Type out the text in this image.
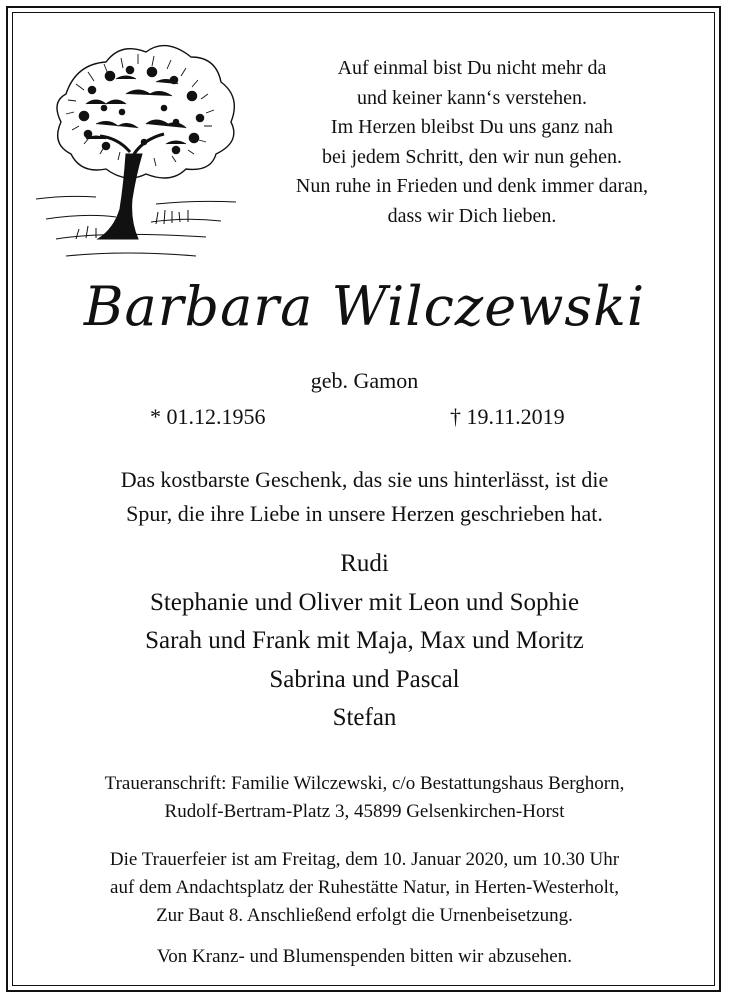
Auf einmal bist Du nicht mehr da
und keiner kann‘s verstehen.
Im Herzen bleibst Du uns ganz nah
bei jedem Schritt, den wir nun gehen.
Nun ruhe in Frieden und denk immer daran,
dass wir Dich lieben.
Barbara Wilczewski
geb. Gamon
* 01.12.1956	† 19.11.2019
Das kostbarste Geschenk, das sie uns hinterlässt, ist die
Spur, die ihre Liebe in unsere Herzen geschrieben hat.
Rudi
Stephanie und Oliver mit Leon und Sophie
Sarah und Frank mit Maja, Max und Moritz
Sabrina und Pascal
Stefan
Traueranschrift: Familie Wilczewski, c/o Bestattungshaus Berghorn,
Rudolf-Bertram-Platz 3, 45899 Gelsenkirchen-Horst
Die Trauerfeier ist am Freitag, dem 10. Januar 2020, um 10.30 Uhr
auf dem Andachtsplatz der Ruhestätte Natur, in Herten-Westerholt,
Zur Baut 8. Anschließend erfolgt die Urnenbeisetzung.
Von Kranz- und Blumenspenden bitten wir abzusehen.
